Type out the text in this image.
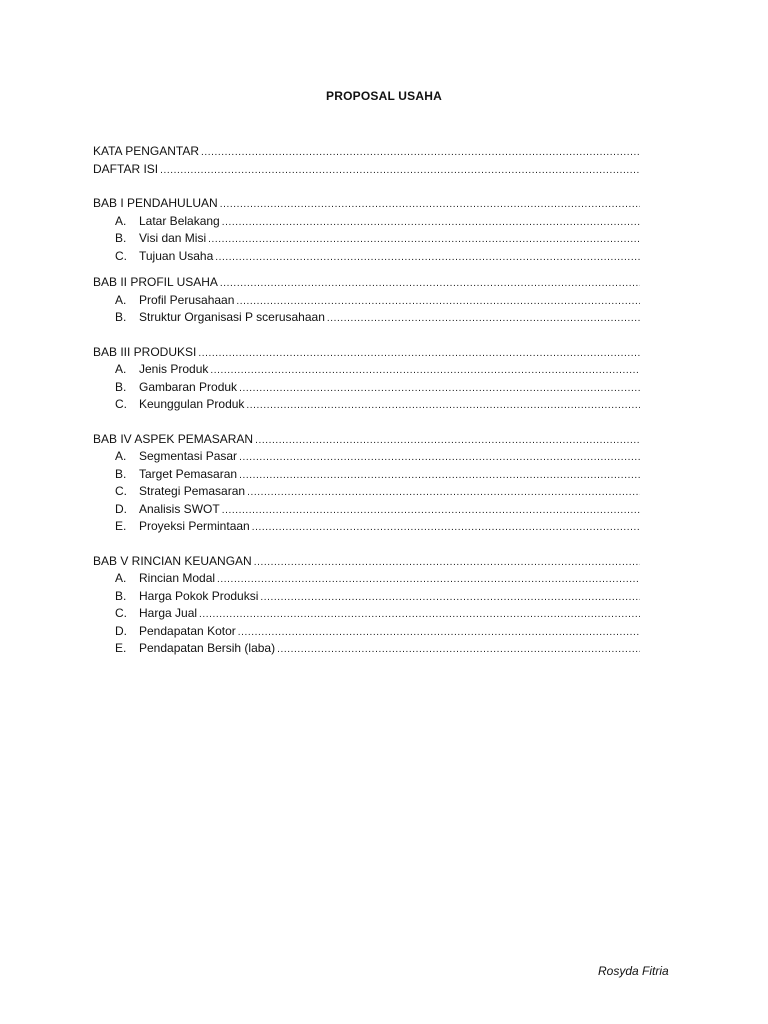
PROPOSAL USAHA
KATA PENGANTAR
.....
DAFTAR ISI
.....
BAB I PENDAHULUAN
.....
A.	Latar Belakang
.....
B.	Visi dan Misi
.....
C.	Tujuan Usaha
.....
BAB II PROFIL USAHA
.....
A.	Profil Perusahaan
.....
B.	Struktur Organisasi P scerusahaan
.....
BAB III PRODUKSI
.....
A.	Jenis Produk
.....
B.	Gambaran Produk
.....
C.	Keunggulan Produk
.....
BAB IV ASPEK PEMASARAN
.....
A.	Segmentasi Pasar
.....
B.	Target Pemasaran
.....
C.	Strategi Pemasaran
.....
D.	Analisis SWOT
.....
E.	Proyeksi Permintaan
.....
BAB V RINCIAN KEUANGAN
.....
A.	Rincian Modal
.....
B.	Harga Pokok Produksi
.....
C.	Harga Jual
.....
D.	Pendapatan Kotor
.....
E.	Pendapatan Bersih (laba)
.....
Rosyda Fitria
